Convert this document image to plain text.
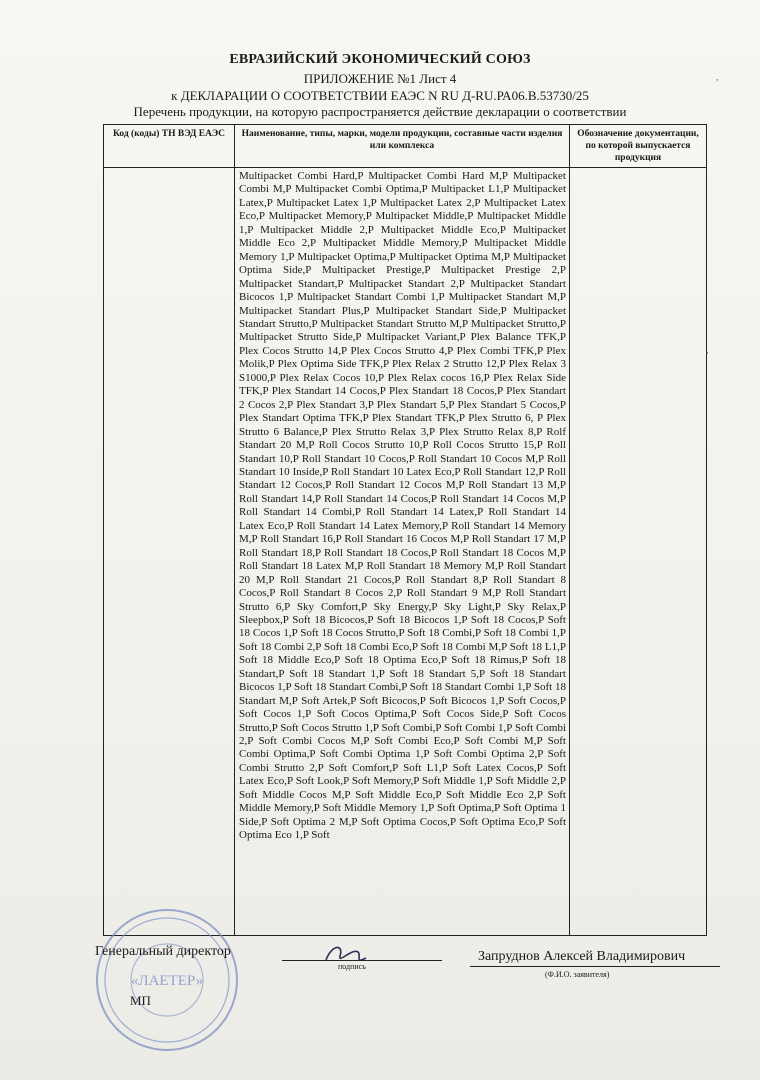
ЕВРАЗИЙСКИЙ ЭКОНОМИЧЕСКИЙ СОЮЗ
ПРИЛОЖЕНИЕ №1 Лист 4
к ДЕКЛАРАЦИИ О СООТВЕТСТВИИ ЕАЭС N RU Д-RU.РА06.В.53730/25
Перечень продукции, на которую распространяется действие декларации о соответствии
Код (коды) ТН ВЭД ЕАЭС	Наименование, типы, марки, модели продукции, составные части изделия или комплекса	Обозначение документации, по которой выпускается продукция
	Multipacket Combi Hard,P Multipacket Combi Hard M,P Multipacket Combi M,P Multipacket Combi Optima,P Multipacket L1,P Multipacket Latex,P Multipacket Latex 1,P Multipacket Latex 2,P Multipacket Latex Eco,P Multipacket Memory,P Multipacket Middle,P Multipacket Middle 1,P Multipacket Middle 2,P Multipacket Middle Eco,P Multipacket Middle Eco 2,P Multipacket Middle Memory,P Multipacket Middle Memory 1,P Multipacket Optima,P Multipacket Optima M,P Multipacket Optima Side,P Multipacket Prestige,P Multipacket Prestige 2,P Multipacket Standart,P Multipacket Standart 2,P Multipacket Standart Bicocos 1,P Multipacket Standart Combi 1,P Multipacket Standart M,P Multipacket Standart Plus,P Multipacket Standart Side,P Multipacket Standart Strutto,P Multipacket Standart Strutto M,P Multipacket Strutto,P Multipacket Strutto Side,P Multipacket Variant,P Plex Balance TFK,P Plex Cocos Strutto 14,P Plex Cocos Strutto 4,P Plex Combi TFK,P Plex Molik,P Plex Optima Side TFK,P Plex Relax 2 Strutto 12,P Plex Relax 3 S1000,P Plex Relax Cocos 10,P Plex Relax cocos 16,P Plex Relax Side TFK,P Plex Standart 14 Cocos,P Plex Standart 18 Cocos,P Plex Standart 2 Cocos 2,P Plex Standart 3,P Plex Standart 5,P Plex Standart 5 Cocos,P Plex Standart Optima TFK,P Plex Standart TFK,P Plex Strutto 6, P Plex Strutto 6 Balance,P Plex Strutto Relax 3,P Plex Strutto Relax 8,P Rolf Standart 20 M,P Roll Cocos Strutto 10,P Roll Cocos Strutto 15,P Roll Standart 10,P Roll Standart 10 Cocos,P Roll Standart 10 Cocos M,P Roll Standart 10 Inside,P Roll Standart 10 Latex Eco,P Roll Standart 12,P Roll Standart 12 Cocos,P Roll Standart 12 Cocos M,P Roll Standart 13 M,P Roll Standart 14,P Roll Standart 14 Cocos,P Roll Standart 14 Cocos M,P Roll Standart 14 Combi,P Roll Standart 14 Latex,P Roll Standart 14 Latex Eco,P Roll Standart 14 Latex Memory,P Roll Standart 14 Memory M,P Roll Standart 16,P Roll Standart 16 Cocos M,P Roll Standart 17 M,P Roll Standart 18,P Roll Standart 18 Cocos,P Roll Standart 18 Cocos M,P Roll Standart 18 Latex M,P Roll Standart 18 Memory M,P Roll Standart 20 M,P Roll Standart 21 Cocos,P Roll Standart 8,P Roll Standart 8 Cocos,P Roll Standart 8 Cocos 2,P Roll Standart 9 M,P Roll Standart Strutto 6,P Sky Comfort,P Sky Energy,P Sky Light,P Sky Relax,P Sleepbox,P Soft 18 Bicocos,P Soft 18 Bicocos 1,P Soft 18 Cocos,P Soft 18 Cocos 1,P Soft 18 Cocos Strutto,P Soft 18 Combi,P Soft 18 Combi 1,P Soft 18 Combi 2,P Soft 18 Combi Eco,P Soft 18 Combi M,P Soft 18 L1,P Soft 18 Middle Eco,P Soft 18 Optima Eco,P Soft 18 Rimus,P Soft 18 Standart,P Soft 18 Standart 1,P Soft 18 Standart 5,P Soft 18 Standart Bicocos 1,P Soft 18 Standart Combi,P Soft 18 Standart Combi 1,P Soft 18 Standart M,P Soft Artek,P Soft Bicocos,P Soft Bicocos 1,P Soft Cocos,P Soft Cocos 1,P Soft Cocos Optima,P Soft Cocos Side,P Soft Cocos Strutto,P Soft Cocos Strutto 1,P Soft Combi,P Soft Combi 1,P Soft Combi 2,P Soft Combi Cocos M,P Soft Combi Eco,P Soft Combi M,P Soft Combi Optima,P Soft Combi Optima 1,P Soft Combi Optima 2,P Soft Combi Strutto 2,P Soft Comfort,P Soft L1,P Soft Latex Cocos,P Soft Latex Eco,P Soft Look,P Soft Memory,P Soft Middle 1,P Soft Middle 2,P Soft Middle Cocos M,P Soft Middle Eco,P Soft Middle Eco 2,P Soft Middle Memory,P Soft Middle Memory 1,P Soft Optima,P Soft Optima 1 Side,P Soft Optima 2 M,P Soft Optima Cocos,P Soft Optima Eco,P Soft Optima Eco 1,P Soft	
«ЛАЕТЕР»
Генеральный директор
подпись
Запруднов Алексей Владимирович
(Ф.И.О. заявителя)
МП
,
,
